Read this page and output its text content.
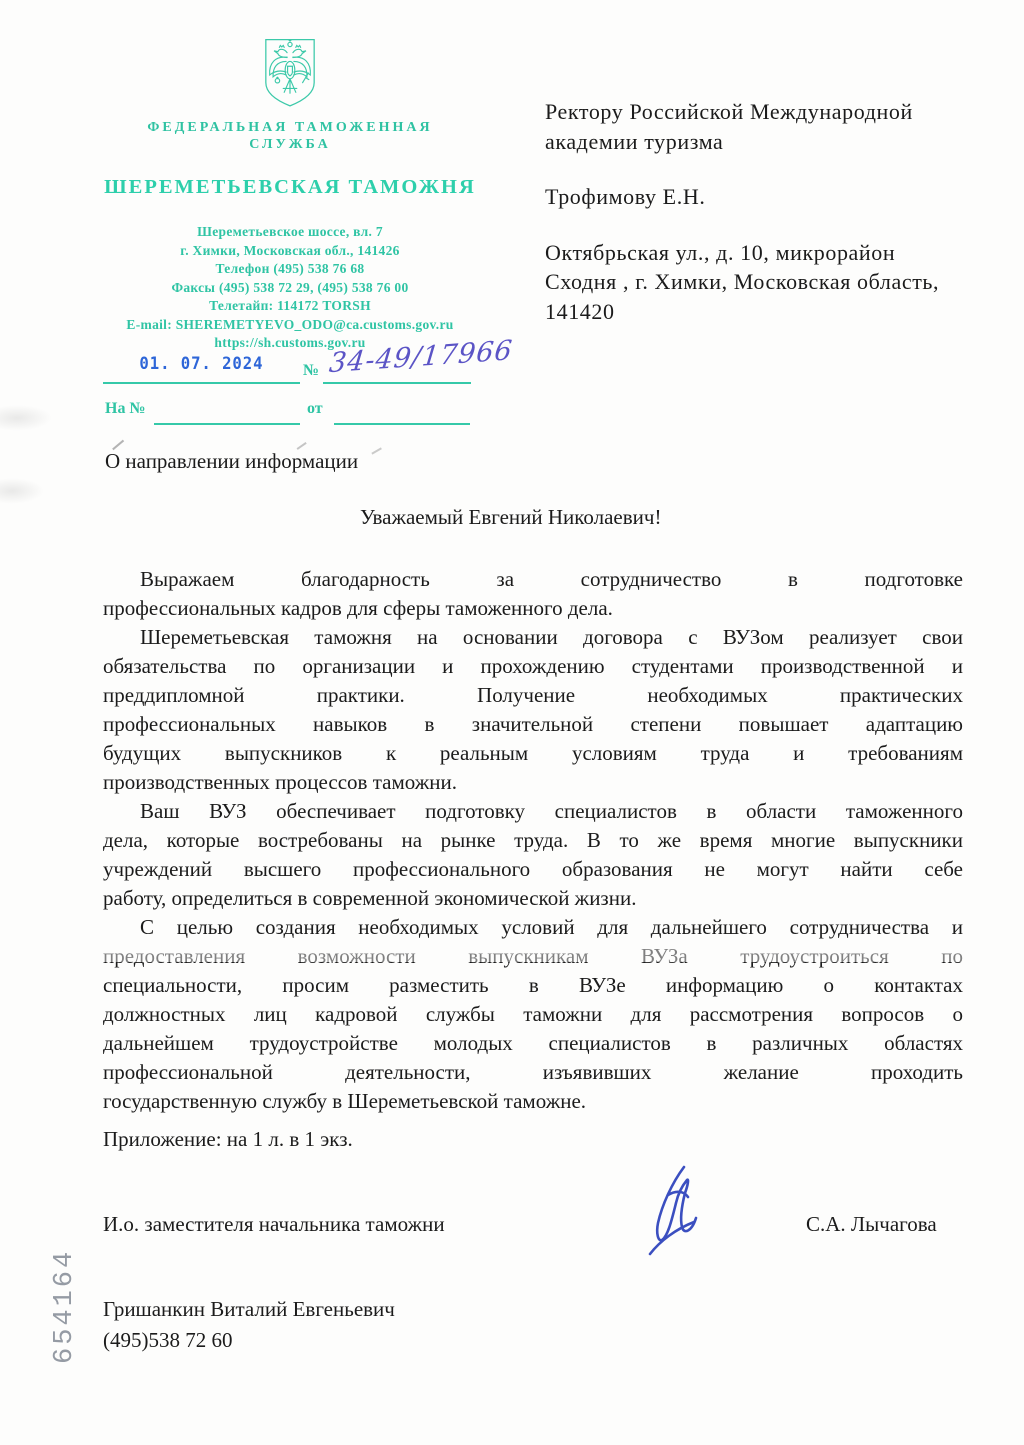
ФЕДЕРАЛЬНАЯ ТАМОЖЕННАЯ
СЛУЖБА
ШЕРЕМЕТЬЕВСКАЯ ТАМОЖНЯ
Шереметьевское шоссе, вл. 7
г. Химки, Московская обл., 141426
Телефон (495) 538 76 68
Факсы (495) 538 72 29, (495) 538 76 00
Телетайп: 114172 TORSH
E-mail: SHEREMETYEVO_ODO@ca.customs.gov.ru
https://sh.customs.gov.ru
01. 07. 2024	№ 34-49/17966
На №	от
Ректору Российской Международной
академии туризма
Трофимову Е.Н.
Октябрьская ул., д. 10, микрорайон
Сходня , г. Химки, Московская область,
141420
О направлении информации
Уважаемый Евгений Николаевич!
Выражаем благодарность за сотрудничество в подготовке
профессиональных кадров для сферы таможенного дела.
Шереметьевская таможня на основании договора с ВУЗом реализует свои
обязательства по организации и прохождению студентами производственной и
преддипломной практики. Получение необходимых практических
профессиональных навыков в значительной степени повышает адаптацию
будущих выпускников к реальным условиям труда и требованиям
производственных процессов таможни.
Ваш ВУЗ обеспечивает подготовку специалистов в области таможенного
дела, которые востребованы на рынке труда. В то же время многие выпускники
учреждений высшего профессионального образования не могут найти себе
работу, определиться в современной экономической жизни.
С целью создания необходимых условий для дальнейшего сотрудничества и
предоставления возможности выпускникам ВУЗа трудоустроиться по
специальности, просим разместить в ВУЗе информацию о контактах
должностных лиц кадровой службы таможни для рассмотрения вопросов о
дальнейшем трудоустройстве молодых специалистов в различных областях
профессиональной деятельности, изъявивших желание проходить
государственную службу в Шереметьевской таможне.
Приложение: на 1 л. в 1 экз.
И.о. заместителя начальника таможни	С.А. Лычагова
Гришанкин Виталий Евгеньевич
(495)538 72 60
654164
